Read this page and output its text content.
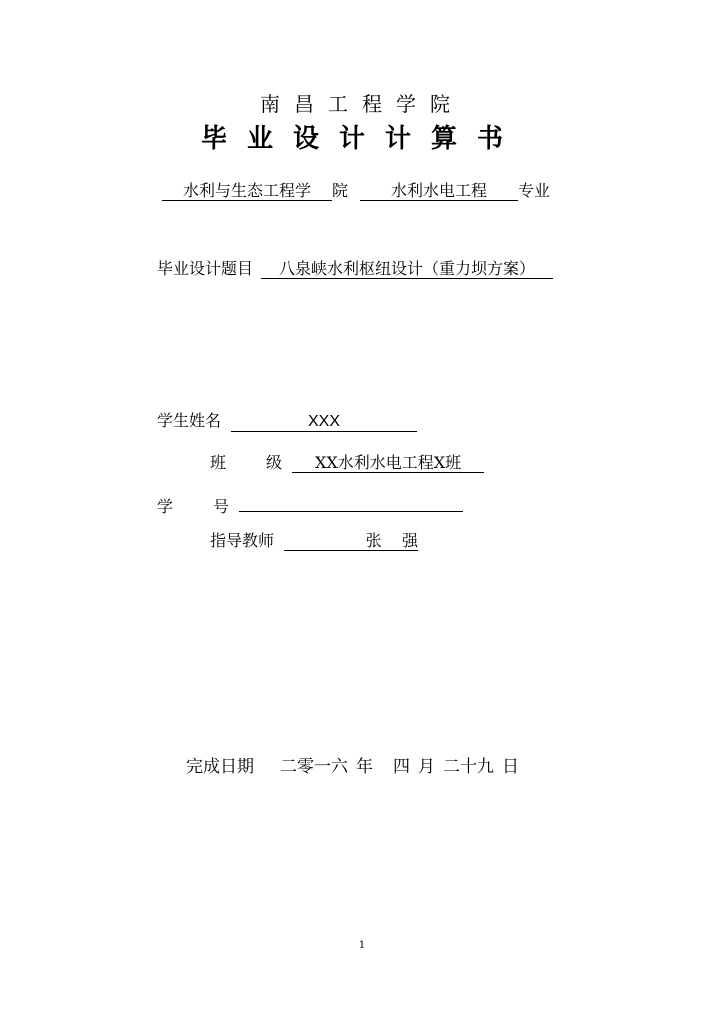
南昌工程学院
毕业设计计算书
水利与生态工程学 院	水利水电工程 专业
毕业设计题目 八泉峡水利枢纽设计（重力坝方案）
学生姓名	XXX
班	级 XX水利水电工程X班
学	号
指导教师	张    强
完成日期 二零一六 年 四 月 二十九 日
1
